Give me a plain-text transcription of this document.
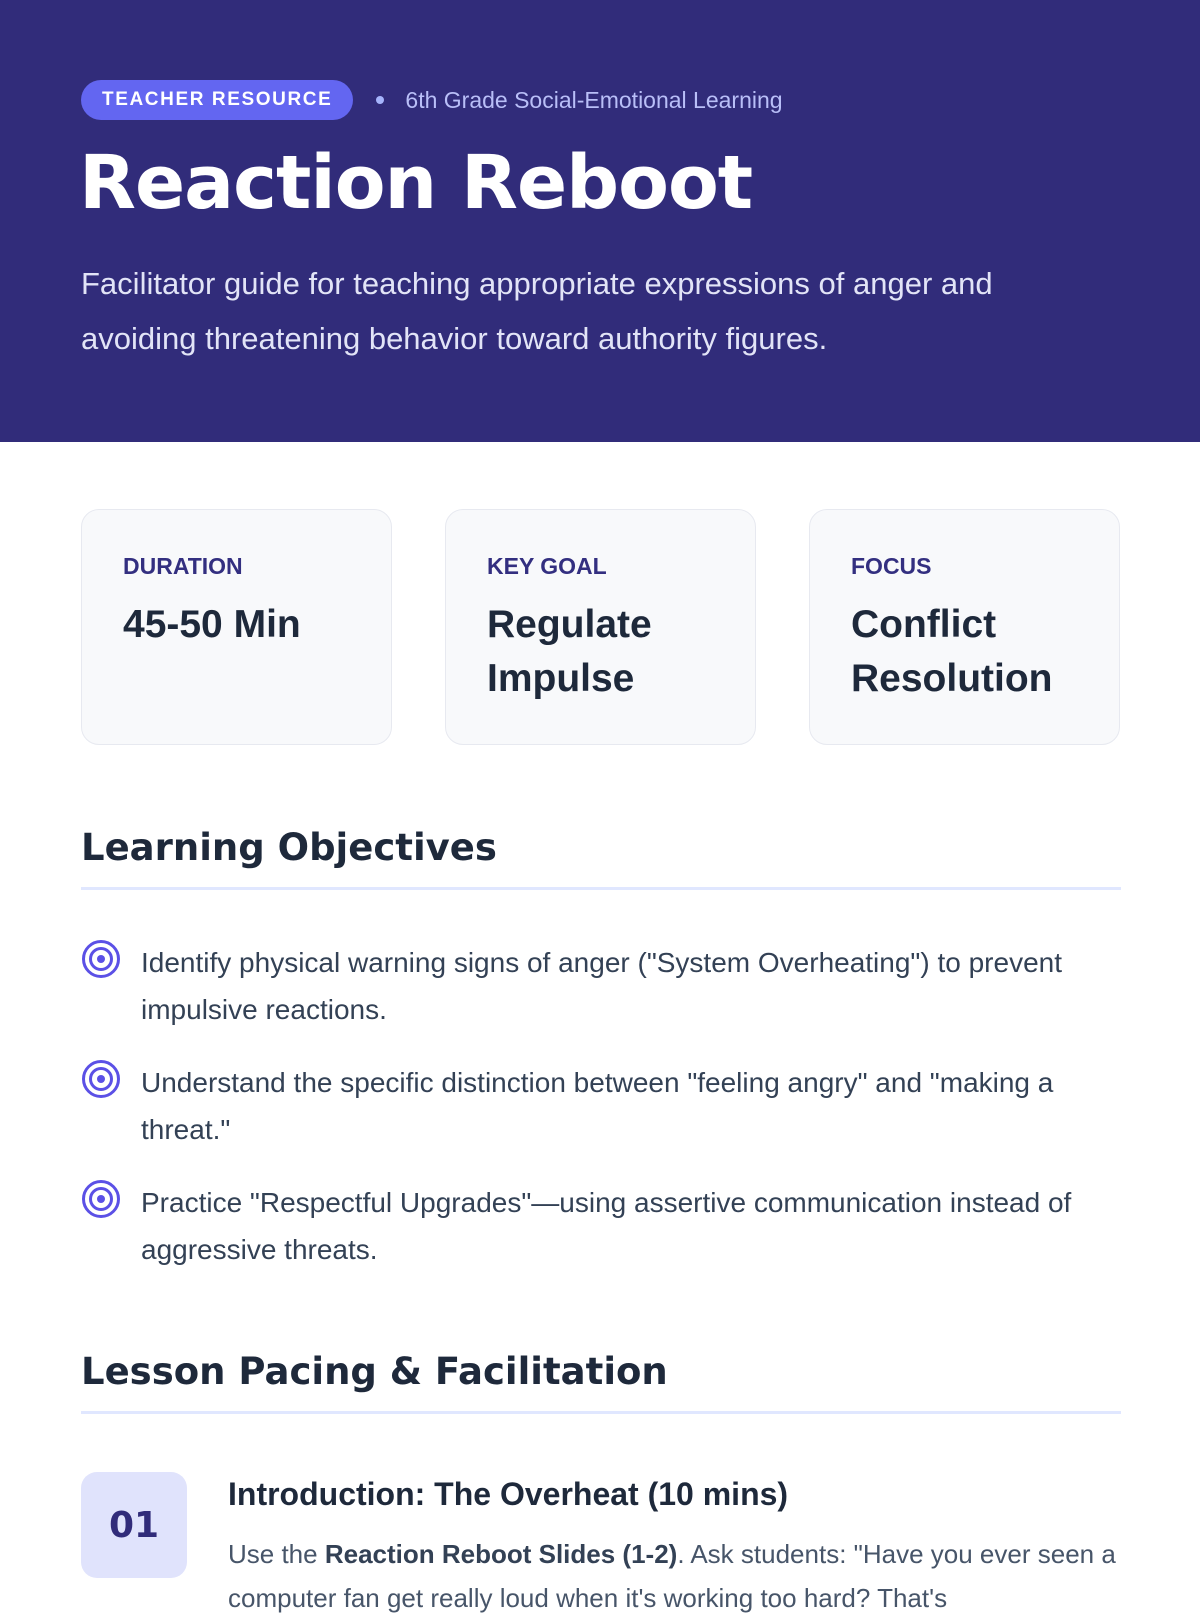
TEACHER RESOURCE	6th Grade Social-Emotional Learning
Reaction Reboot

Facilitator guide for teaching appropriate expressions of anger and avoiding threatening behavior toward authority figures.

DURATION
45-50 Min
KEY GOAL
Regulate Impulse
FOCUS
Conflict Resolution
Learning Objectives

Identify physical warning signs of anger ("System Overheating") to prevent impulsive reactions.

Understand the specific distinction between "feeling angry" and "making a threat."

Practice "Respectful Upgrades"—using assertive communication instead of aggressive threats.

Lesson Pacing & Facilitation
01
Introduction: The Overheat (10 mins)

Use the Reaction Reboot Slides (1-2). Ask students: "Have you ever seen a computer fan get really loud when it's working too hard? That's
